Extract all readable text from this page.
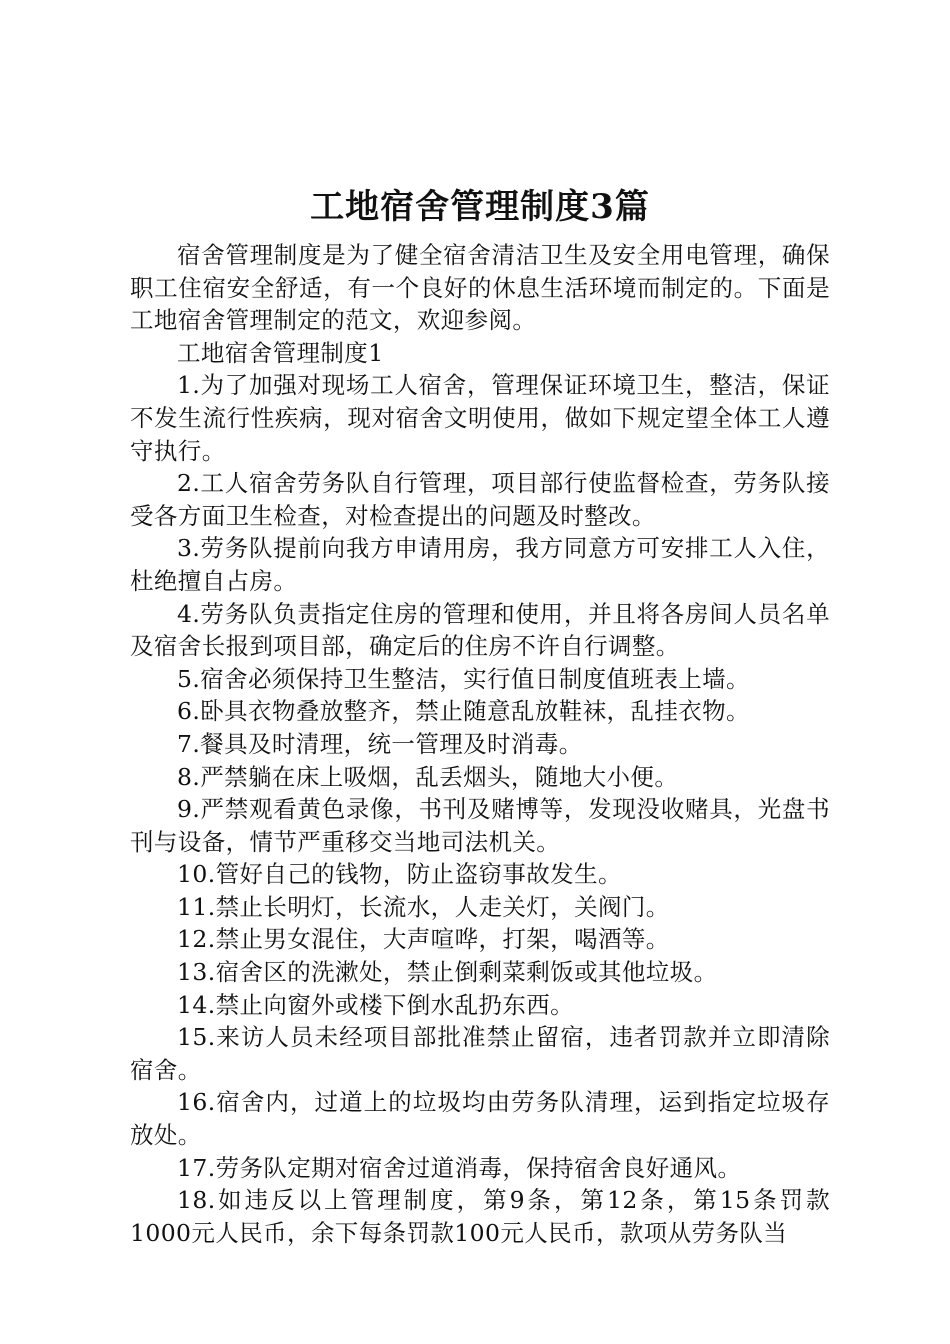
工地宿舍管理制度3篇

宿舍管理制度是为了健全宿舍清洁卫生及安全用电管理，确保职工住宿安全舒适，有一个良好的休息生活环境而制定的。下面是工地宿舍管理制定的范文，欢迎参阅。

工地宿舍管理制度1

1.为了加强对现场工人宿舍，管理保证环境卫生，整洁，保证不发生流行性疾病，现对宿舍文明使用，做如下规定望全体工人遵守执行。

2.工人宿舍劳务队自行管理，项目部行使监督检查，劳务队接受各方面卫生检查，对检查提出的问题及时整改。

3.劳务队提前向我方申请用房，我方同意方可安排工人入住，杜绝擅自占房。

4.劳务队负责指定住房的管理和使用，并且将各房间人员名单及宿舍长报到项目部，确定后的住房不许自行调整。

5.宿舍必须保持卫生整洁，实行值日制度值班表上墙。

6.卧具衣物叠放整齐，禁止随意乱放鞋袜，乱挂衣物。

7.餐具及时清理，统一管理及时消毒。

8.严禁躺在床上吸烟，乱丢烟头，随地大小便。

9.严禁观看黄色录像，书刊及赌博等，发现没收赌具，光盘书刊与设备，情节严重移交当地司法机关。

10.管好自己的钱物，防止盗窃事故发生。

11.禁止长明灯，长流水，人走关灯，关阀门。

12.禁止男女混住，大声喧哗，打架，喝酒等。

13.宿舍区的洗漱处，禁止倒剩菜剩饭或其他垃圾。

14.禁止向窗外或楼下倒水乱扔东西。

15.来访人员未经项目部批准禁止留宿，违者罚款并立即清除宿舍。

16.宿舍内，过道上的垃圾均由劳务队清理，运到指定垃圾存放处。

17.劳务队定期对宿舍过道消毒，保持宿舍良好通风。

18.如违反以上管理制度，第9条，第12条，第15条罚款1000元人民币，余下每条罚款100元人民币，款项从劳务队当
